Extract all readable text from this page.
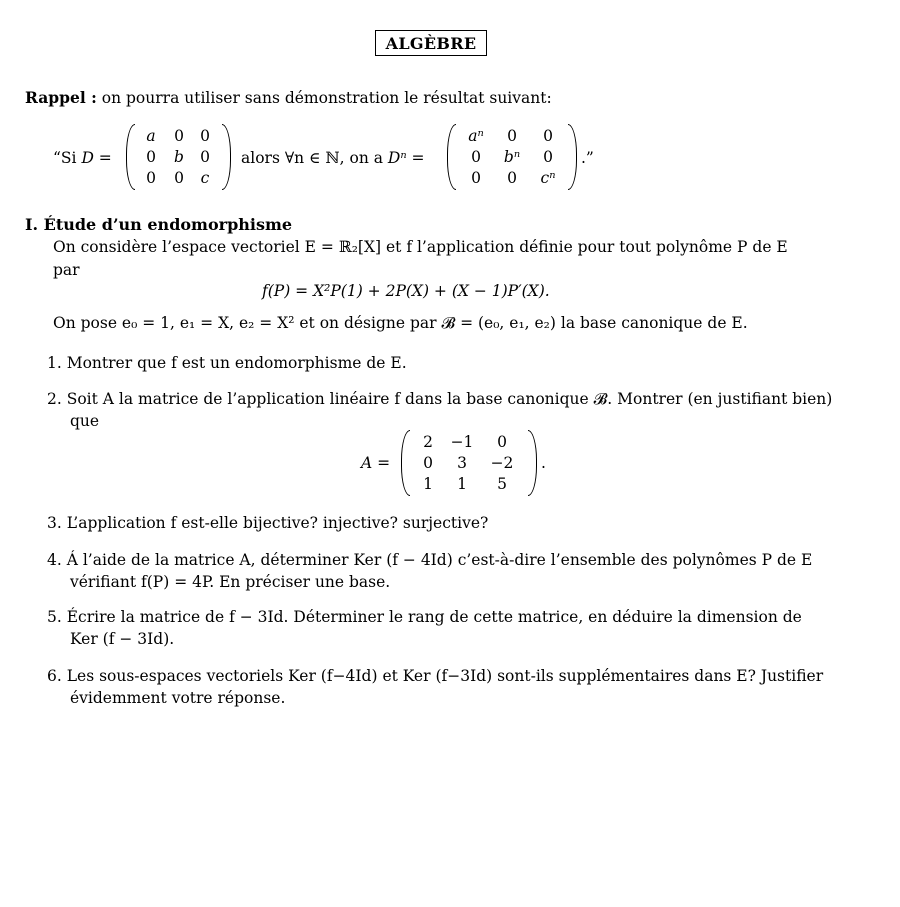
ALGÈBRE
Rappel : on pourra utiliser sans démonstration le résultat suivant:
“Si D =
a	0	0
0	b	0
0	0	c
alors ∀n ∈ ℕ, on a Dⁿ =
aⁿ	0	0
0	bⁿ	0
0	0	cⁿ
.”
I. Étude d’un endomorphisme
On considère l’espace vectoriel E = ℝ₂[X] et f l’application définie pour tout polynôme P de E
par
f(P) = X²P(1) + 2P(X) + (X − 1)P′(X).
On pose e₀ = 1, e₁ = X, e₂ = X² et on désigne par 𝓑 = (e₀, e₁, e₂) la base canonique de E.
1. Montrer que f est un endomorphisme de E.
2. Soit A la matrice de l’application linéaire f dans la base canonique 𝓑. Montrer (en justifiant bien)
que
A =
2	−1	0
0	3	−2
1	1	5
.
3. L’application f est-elle bijective? injective? surjective?
4. Á l’aide de la matrice A, déterminer Ker (f − 4Id) c’est-à-dire l’ensemble des polynômes P de E
vérifiant f(P) = 4P. En préciser une base.
5. Écrire la matrice de f − 3Id. Déterminer le rang de cette matrice, en déduire la dimension de
Ker (f − 3Id).
6. Les sous-espaces vectoriels Ker (f−4Id) et Ker (f−3Id) sont-ils supplémentaires dans E? Justifier
évidemment votre réponse.
